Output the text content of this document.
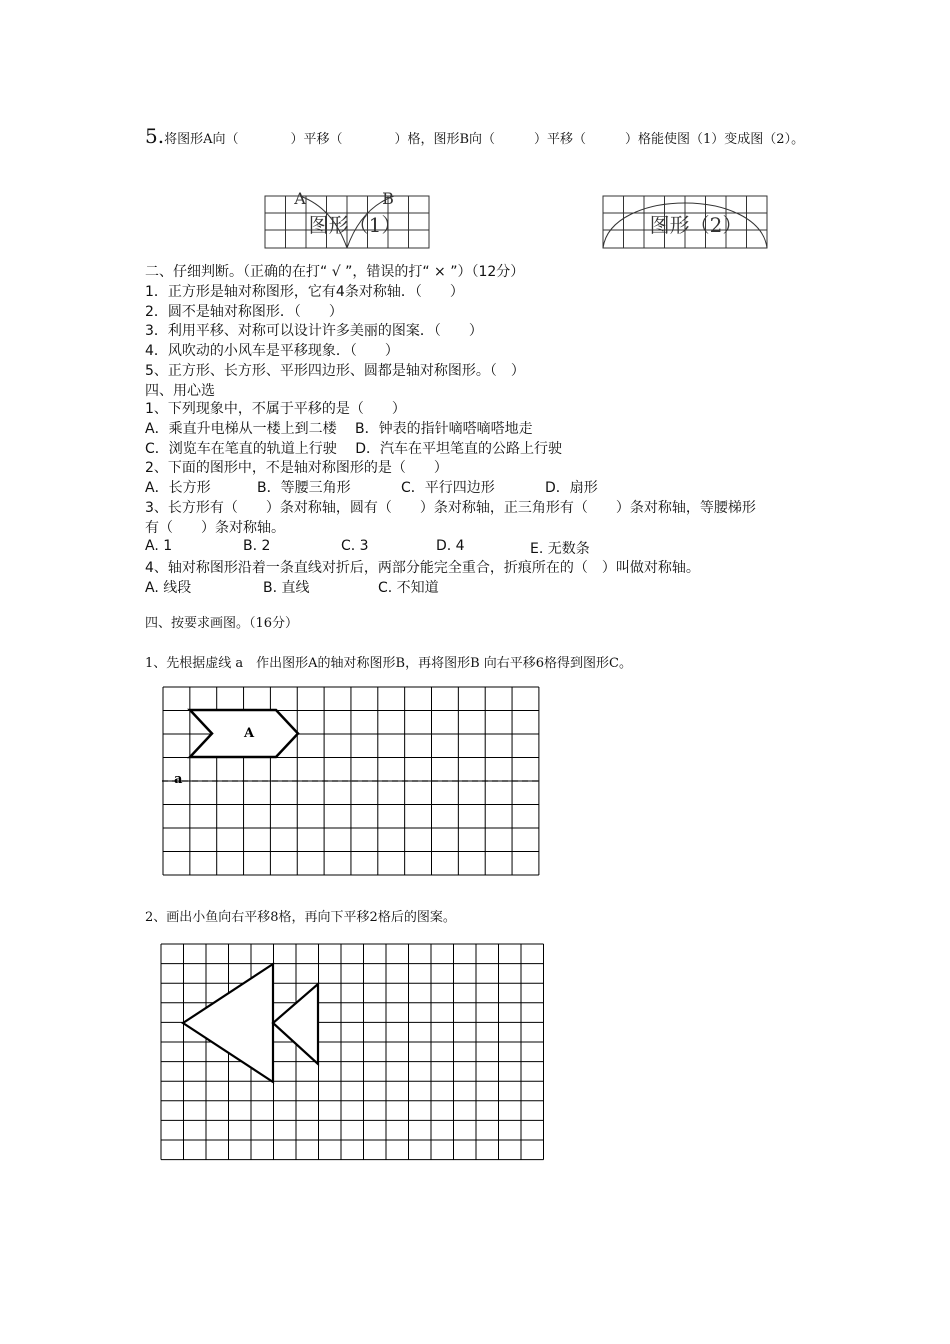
5.将图形A向（　　　　）平移（　　　　）格，图形B向（　　　）平移（　　　）格能使图（1）变成图（2）。
A	B
图形（1）	图形（2）
二、仔细判断。（正确的在打“ √ ”，错误的打“ × ”）（12分）
1．正方形是轴对称图形，它有4条对称轴．（　　）
2．圆不是轴对称图形．（　　）
3．利用平移、对称可以设计许多美丽的图案．（　　）
4．风吹动的小风车是平移现象．（　　）
5、正方形、长方形、平形四边形、圆都是轴对称图形。（　）
四、用心选
1、下列现象中，不属于平移的是（　　）
A．乘直升电梯从一楼上到二楼　 B．钟表的指针嘀嗒嘀嗒地走
C．浏览车在笔直的轨道上行驶　 D．汽车在平坦笔直的公路上行驶
2、下面的图形中，不是轴对称图形的是（　　）
A．长方形	B．等腰三角形	C．平行四边形	D．扇形
3、长方形有（　　）条对称轴，圆有（　　）条对称轴，正三角形有（　　）条对称轴，等腰梯形
有（　　）条对称轴。
A. 1	B. 2	C. 3	D. 4	E. 无数条
4、轴对称图形沿着一条直线对折后，两部分能完全重合，折痕所在的（　）叫做对称轴。
A. 线段	B. 直线	C. 不知道
四、按要求画图。（16分）
1、先根据虚线 a　作出图形A的轴对称图形B，再将图形B 向右平移6格得到图形C。
A
a
2、画出小鱼向右平移8格，再向下平移2格后的图案。
